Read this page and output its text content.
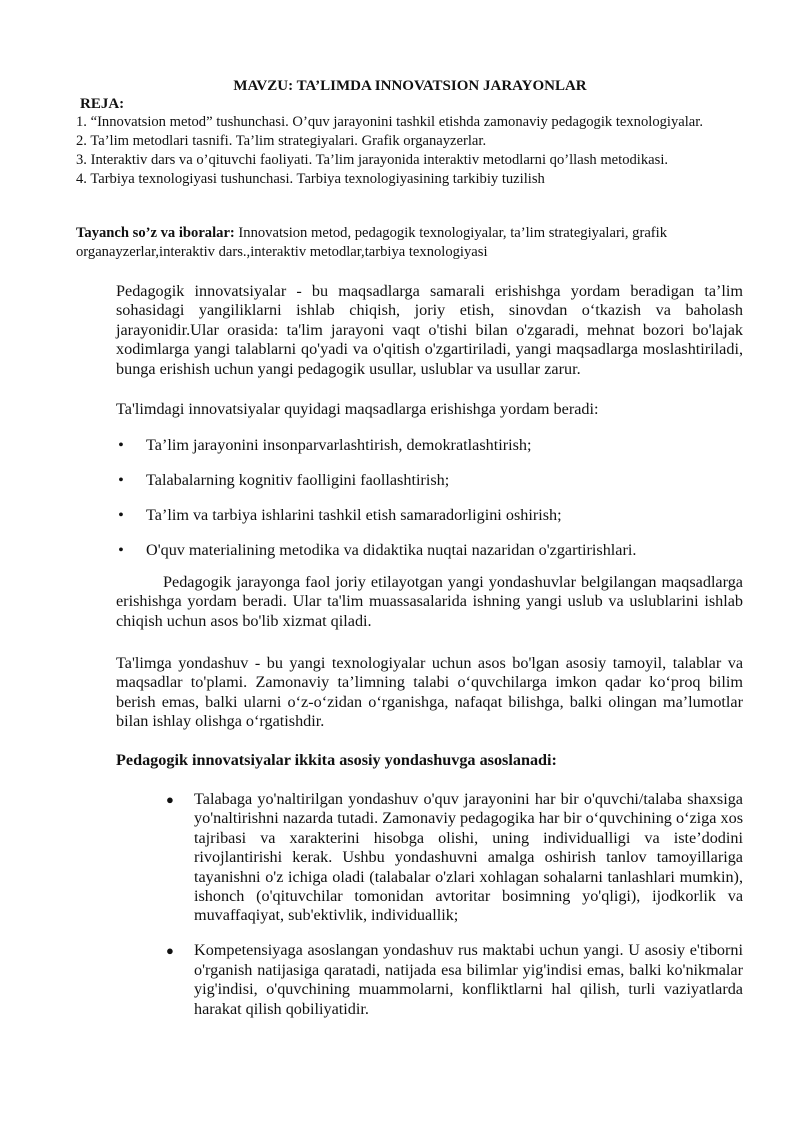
MAVZU: TA’LIMDA INNOVATSION JARAYONLAR

REJA:

1. “Innovatsion metod” tushunchasi. O’quv jarayonini tashkil etishda zamonaviy pedagogik texnologiyalar.
2. Ta’lim metodlari tasnifi. Ta’lim strategiyalari. Grafik organayzerlar.
3. Interaktiv dars va o’qituvchi faoliyati. Ta’lim jarayonida interaktiv metodlarni qo’llash metodikasi.
4. Tarbiya texnologiyasi tushunchasi. Tarbiya texnologiyasining tarkibiy tuzilish

Tayanch so’z va iboralar: Innovatsion metod, pedagogik texnologiyalar, ta’lim strategiyalari, grafik organayzerlar,interaktiv dars.,interaktiv metodlar,tarbiya texnologiyasi

Pedagogik innovatsiyalar - bu maqsadlarga samarali erishishga yordam beradigan ta’lim sohasidagi yangiliklarni ishlab chiqish, joriy etish, sinovdan o‘tkazish va baholash jarayonidir.Ular orasida: ta'lim jarayoni vaqt o'tishi bilan o'zgaradi, mehnat bozori bo'lajak xodimlarga yangi talablarni qo'yadi va o'qitish o'zgartiriladi, yangi maqsadlarga moslashtiriladi, bunga erishish uchun yangi pedagogik usullar, uslublar va usullar zarur.

Ta'limdagi innovatsiyalar quyidagi maqsadlarga erishishga yordam beradi:

• Ta’lim jarayonini insonparvarlashtirish, demokratlashtirish;
• Talabalarning kognitiv faolligini faollashtirish;
• Ta’lim va tarbiya ishlarini tashkil etish samaradorligini oshirish;
• O'quv materialining metodika va didaktika nuqtai nazaridan o'zgartirishlari.

Pedagogik jarayonga faol joriy etilayotgan yangi yondashuvlar belgilangan maqsadlarga erishishga yordam beradi. Ular ta'lim muassasalarida ishning yangi uslub va uslublarini ishlab chiqish uchun asos bo'lib xizmat qiladi.

Ta'limga yondashuv - bu yangi texnologiyalar uchun asos bo'lgan asosiy tamoyil, talablar va maqsadlar to'plami. Zamonaviy ta’limning talabi o‘quvchilarga imkon qadar ko‘proq bilim berish emas, balki ularni o‘z-o‘zidan o‘rganishga, nafaqat bilishga, balki olingan ma’lumotlar bilan ishlay olishga o‘rgatishdir.

Pedagogik innovatsiyalar ikkita asosiy yondashuvga asoslanadi:

● Talabaga yo'naltirilgan yondashuv o'quv jarayonini har bir o'quvchi/talaba shaxsiga yo'naltirishni nazarda tutadi. Zamonaviy pedagogika har bir o‘quvchining o‘ziga xos tajribasi va xarakterini hisobga olishi, uning individualligi va iste’dodini rivojlantirishi kerak. Ushbu yondashuvni amalga oshirish tanlov tamoyillariga tayanishni o'z ichiga oladi (talabalar o'zlari xohlagan sohalarni tanlashlari mumkin), ishonch (o'qituvchilar tomonidan avtoritar bosimning yo'qligi), ijodkorlik va muvaffaqiyat, sub'ektivlik, individuallik;
● Kompetensiyaga asoslangan yondashuv rus maktabi uchun yangi. U asosiy e'tiborni o'rganish natijasiga qaratadi, natijada esa bilimlar yig'indisi emas, balki ko'nikmalar yig'indisi, o'quvchining muammolarni, konfliktlarni hal qilish, turli vaziyatlarda harakat qilish qobiliyatidir.
